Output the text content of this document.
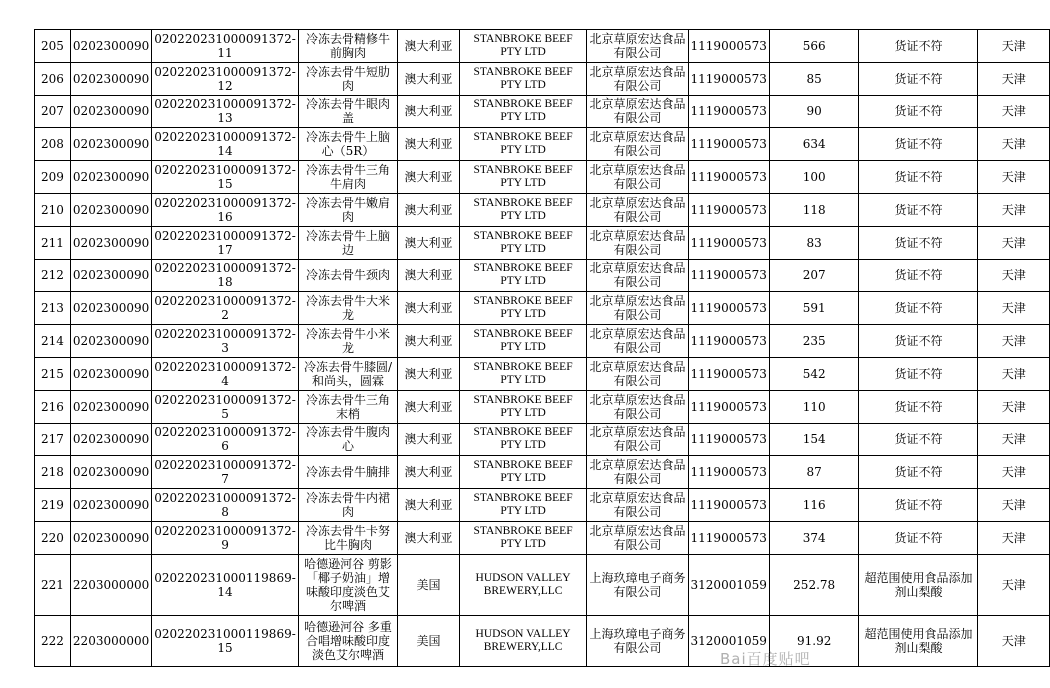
205	0202300090	020220231000091372-11	冷冻去骨精修牛前胸肉	澳大利亚	STANBROKE BEEF PTY LTD	北京草原宏达食品有限公司	1119000573	566	货证不符	天津
206	0202300090	020220231000091372-12	冷冻去骨牛短肋肉	澳大利亚	STANBROKE BEEF PTY LTD	北京草原宏达食品有限公司	1119000573	85	货证不符	天津
207	0202300090	020220231000091372-13	冷冻去骨牛眼肉盖	澳大利亚	STANBROKE BEEF PTY LTD	北京草原宏达食品有限公司	1119000573	90	货证不符	天津
208	0202300090	020220231000091372-14	冷冻去骨牛上脑心（5R）	澳大利亚	STANBROKE BEEF PTY LTD	北京草原宏达食品有限公司	1119000573	634	货证不符	天津
209	0202300090	020220231000091372-15	冷冻去骨牛三角牛肩肉	澳大利亚	STANBROKE BEEF PTY LTD	北京草原宏达食品有限公司	1119000573	100	货证不符	天津
210	0202300090	020220231000091372-16	冷冻去骨牛嫩肩肉	澳大利亚	STANBROKE BEEF PTY LTD	北京草原宏达食品有限公司	1119000573	118	货证不符	天津
211	0202300090	020220231000091372-17	冷冻去骨牛上脑边	澳大利亚	STANBROKE BEEF PTY LTD	北京草原宏达食品有限公司	1119000573	83	货证不符	天津
212	0202300090	020220231000091372-18	冷冻去骨牛颈肉	澳大利亚	STANBROKE BEEF PTY LTD	北京草原宏达食品有限公司	1119000573	207	货证不符	天津
213	0202300090	020220231000091372-2	冷冻去骨牛大米龙	澳大利亚	STANBROKE BEEF PTY LTD	北京草原宏达食品有限公司	1119000573	591	货证不符	天津
214	0202300090	020220231000091372-3	冷冻去骨牛小米龙	澳大利亚	STANBROKE BEEF PTY LTD	北京草原宏达食品有限公司	1119000573	235	货证不符	天津
215	0202300090	020220231000091372-4	冷冻去骨牛膝圆/和尚头，圆霖	澳大利亚	STANBROKE BEEF PTY LTD	北京草原宏达食品有限公司	1119000573	542	货证不符	天津
216	0202300090	020220231000091372-5	冷冻去骨牛三角末梢	澳大利亚	STANBROKE BEEF PTY LTD	北京草原宏达食品有限公司	1119000573	110	货证不符	天津
217	0202300090	020220231000091372-6	冷冻去骨牛腹肉心	澳大利亚	STANBROKE BEEF PTY LTD	北京草原宏达食品有限公司	1119000573	154	货证不符	天津
218	0202300090	020220231000091372-7	冷冻去骨牛腩排	澳大利亚	STANBROKE BEEF PTY LTD	北京草原宏达食品有限公司	1119000573	87	货证不符	天津
219	0202300090	020220231000091372-8	冷冻去骨牛内裙肉	澳大利亚	STANBROKE BEEF PTY LTD	北京草原宏达食品有限公司	1119000573	116	货证不符	天津
220	0202300090	020220231000091372-9	冷冻去骨牛卡努比牛胸肉	澳大利亚	STANBROKE BEEF PTY LTD	北京草原宏达食品有限公司	1119000573	374	货证不符	天津
221	2203000000	020220231000119869-14	哈德逊河谷 剪影「椰子奶油」增味酸印度淡色艾尔啤酒	美国	HUDSON VALLEY BREWERY,LLC	上海玖璋电子商务有限公司	3120001059	252.78	超范围使用食品添加剂山梨酸	天津
222	2203000000	020220231000119869-15	哈德逊河谷 多重合唱增味酸印度淡色艾尔啤酒	美国	HUDSON VALLEY BREWERY,LLC	上海玖璋电子商务有限公司	3120001059	91.92	超范围使用食品添加剂山梨酸	天津
Bai百度贴吧
